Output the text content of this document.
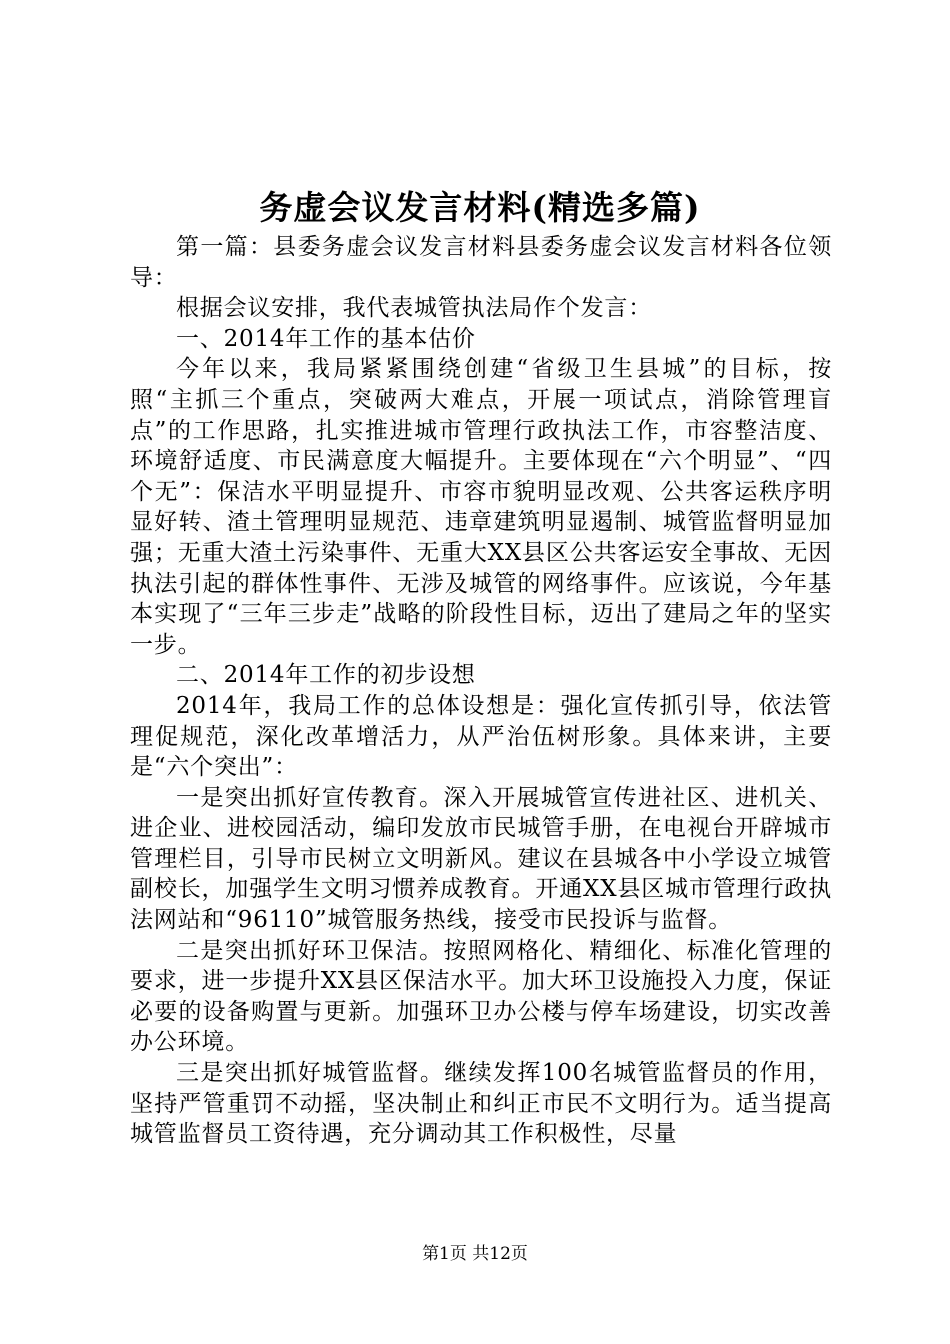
务虚会议发言材料(精选多篇)

第一篇：县委务虚会议发言材料县委务虚会议发言材料各位领导：

根据会议安排，我代表城管执法局作个发言：

一、2014年工作的基本估价

今年以来，我局紧紧围绕创建“省级卫生县城”的目标，按照“主抓三个重点，突破两大难点，开展一项试点，消除管理盲点”的工作思路，扎实推进城市管理行政执法工作，市容整洁度、环境舒适度、市民满意度大幅提升。主要体现在“六个明显”、“四个无”：保洁水平明显提升、市容市貌明显改观、公共客运秩序明显好转、渣土管理明显规范、违章建筑明显遏制、城管监督明显加强；无重大渣土污染事件、无重大XX县区公共客运安全事故、无因执法引起的群体性事件、无涉及城管的网络事件。应该说，今年基本实现了“三年三步走”战略的阶段性目标，迈出了建局之年的坚实一步。

二、2014年工作的初步设想

2014年，我局工作的总体设想是：强化宣传抓引导，依法管理促规范，深化改革增活力，从严治伍树形象。具体来讲，主要是“六个突出”：

一是突出抓好宣传教育。深入开展城管宣传进社区、进机关、进企业、进校园活动，编印发放市民城管手册，在电视台开辟城市管理栏目，引导市民树立文明新风。建议在县城各中小学设立城管副校长，加强学生文明习惯养成教育。开通XX县区城市管理行政执法网站和“96110”城管服务热线，接受市民投诉与监督。

二是突出抓好环卫保洁。按照网格化、精细化、标准化管理的要求，进一步提升XX县区保洁水平。加大环卫设施投入力度，保证必要的设备购置与更新。加强环卫办公楼与停车场建设，切实改善办公环境。

三是突出抓好城管监督。继续发挥100名城管监督员的作用，坚持严管重罚不动摇，坚决制止和纠正市民不文明行为。适当提高城管监督员工资待遇，充分调动其工作积极性，尽量

第1页 共12页
